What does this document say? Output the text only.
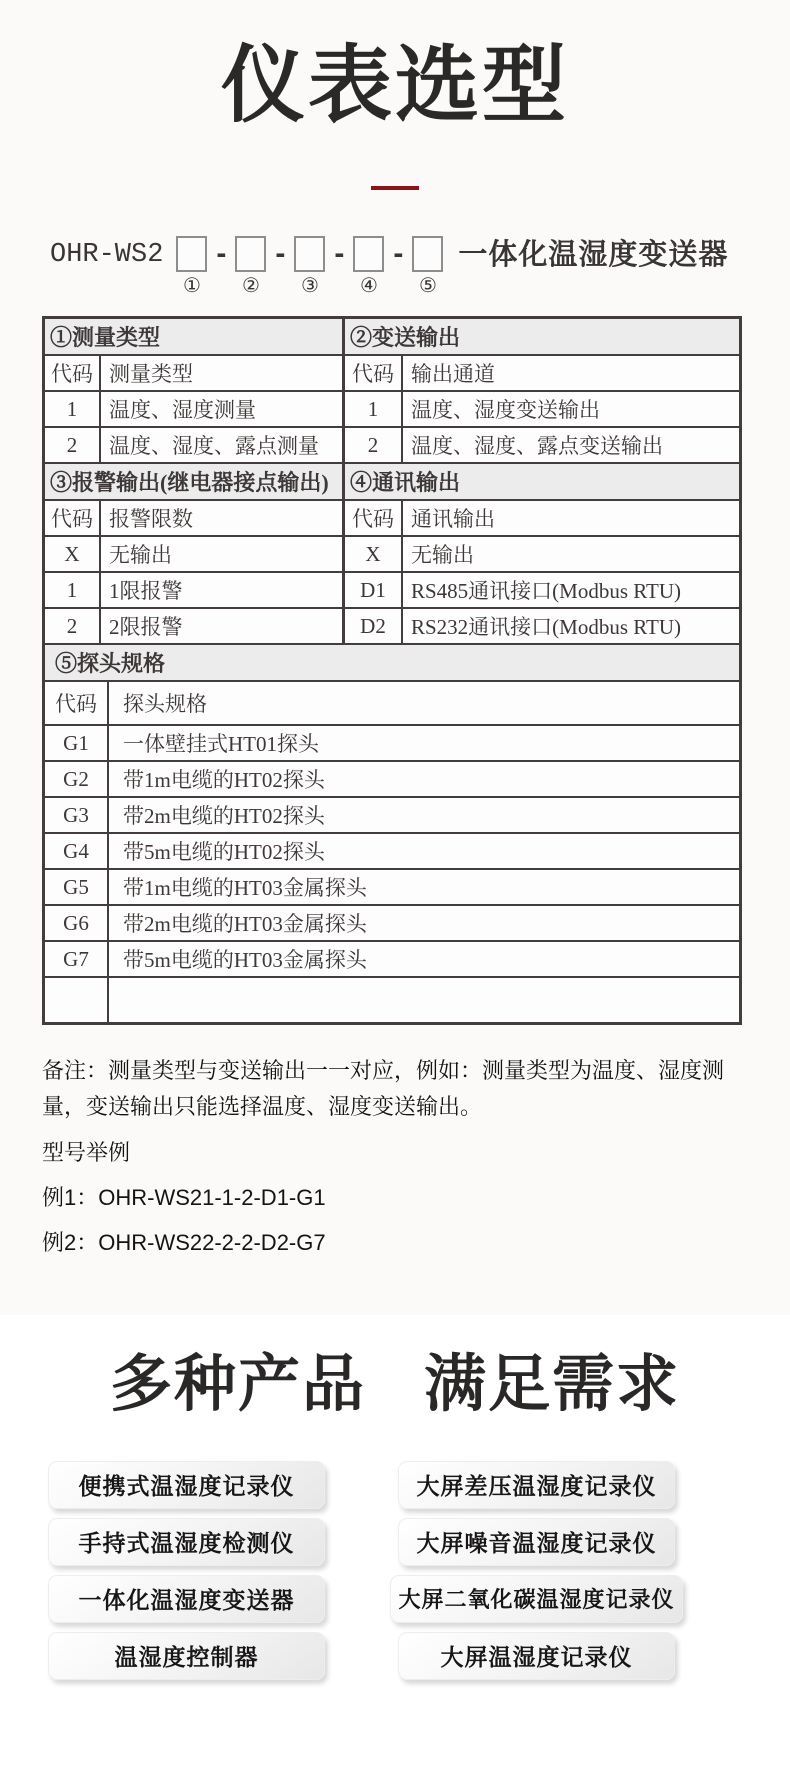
仪表选型
OHR-WS2
①
-
②
-
③
-
④
-
⑤
一体化温湿度变送器
①测量类型	②变送输出
代码 测量类型	代码 输出通道
1	温度、湿度测量	1	温度、湿度变送输出
2	温度、湿度、露点测量	2	温度、湿度、露点变送输出
③报警输出(继电器接点输出) ④通讯输出
代码 报警限数	代码 通讯输出
X	无输出	X	无输出
1	1限报警	D1	RS485通讯接口(Modbus RTU)
2	2限报警	D2	RS232通讯接口(Modbus RTU)
⑤探头规格
代码	探头规格
G1	一体壁挂式HT01探头
G2	带1m电缆的HT02探头
G3	带2m电缆的HT02探头
G4	带5m电缆的HT02探头
G5	带1m电缆的HT03金属探头
G6	带2m电缆的HT03金属探头
G7	带5m电缆的HT03金属探头

备注：测量类型与变送输出一一对应，例如：测量类型为温度、湿度测量，变送输出只能选择温度、湿度变送输出。

型号举例

例1：OHR-WS21-1-2-D1-G1

例2：OHR-WS22-2-2-D2-G7

多种产品 满足需求
便携式温湿度记录仪	大屏差压温湿度记录仪
手持式温湿度检测仪	大屏噪音温湿度记录仪
一体化温湿度变送器	大屏二氧化碳温湿度记录仪
温湿度控制器	大屏温湿度记录仪
